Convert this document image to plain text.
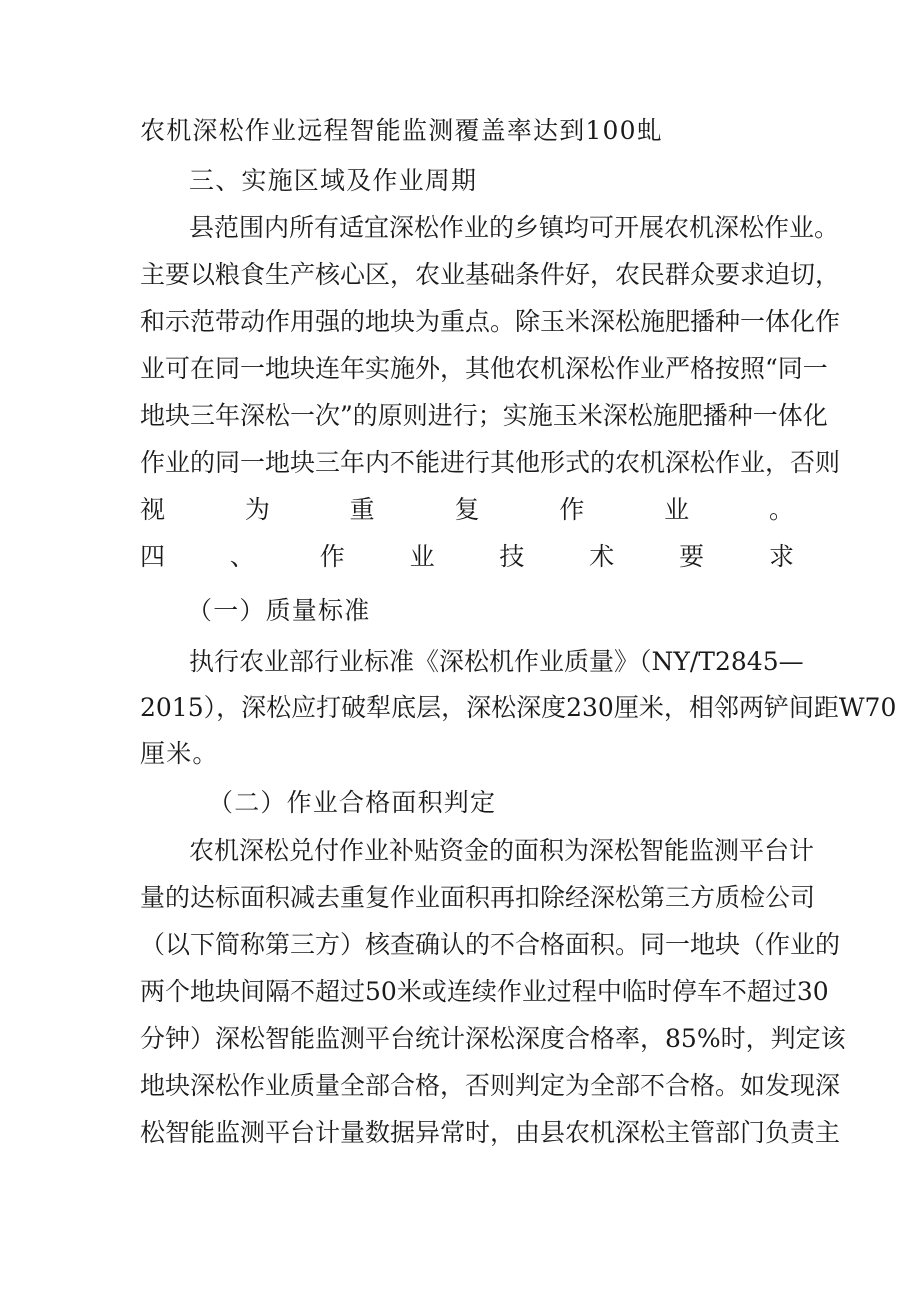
农机深松作业远程智能监测覆盖率达到100虬
三、实施区域及作业周期
县范围内所有适宜深松作业的乡镇均可开展农机深松作业。
主要以粮食生产核心区，农业基础条件好，农民群众要求迫切，
和示范带动作用强的地块为重点。除玉米深松施肥播种一体化作
业可在同一地块连年实施外，其他农机深松作业严格按照“同一
地块三年深松一次”的原则进行；实施玉米深松施肥播种一体化
作业的同一地块三年内不能进行其他形式的农机深松作业，否则
视为重复作业。
四、作业技术要求
（一）质量标准
执行农业部行业标准《深松机作业质量》（NY/T2845—
2015），深松应打破犁底层，深松深度230厘米，相邻两铲间距W70
厘米。
（二）作业合格面积判定
农机深松兑付作业补贴资金的面积为深松智能监测平台计
量的达标面积减去重复作业面积再扣除经深松第三方质检公司
（以下简称第三方）核查确认的不合格面积。同一地块（作业的
两个地块间隔不超过50米或连续作业过程中临时停车不超过30
分钟）深松智能监测平台统计深松深度合格率，85%时，判定该
地块深松作业质量全部合格，否则判定为全部不合格。如发现深
松智能监测平台计量数据异常时，由县农机深松主管部门负责主
